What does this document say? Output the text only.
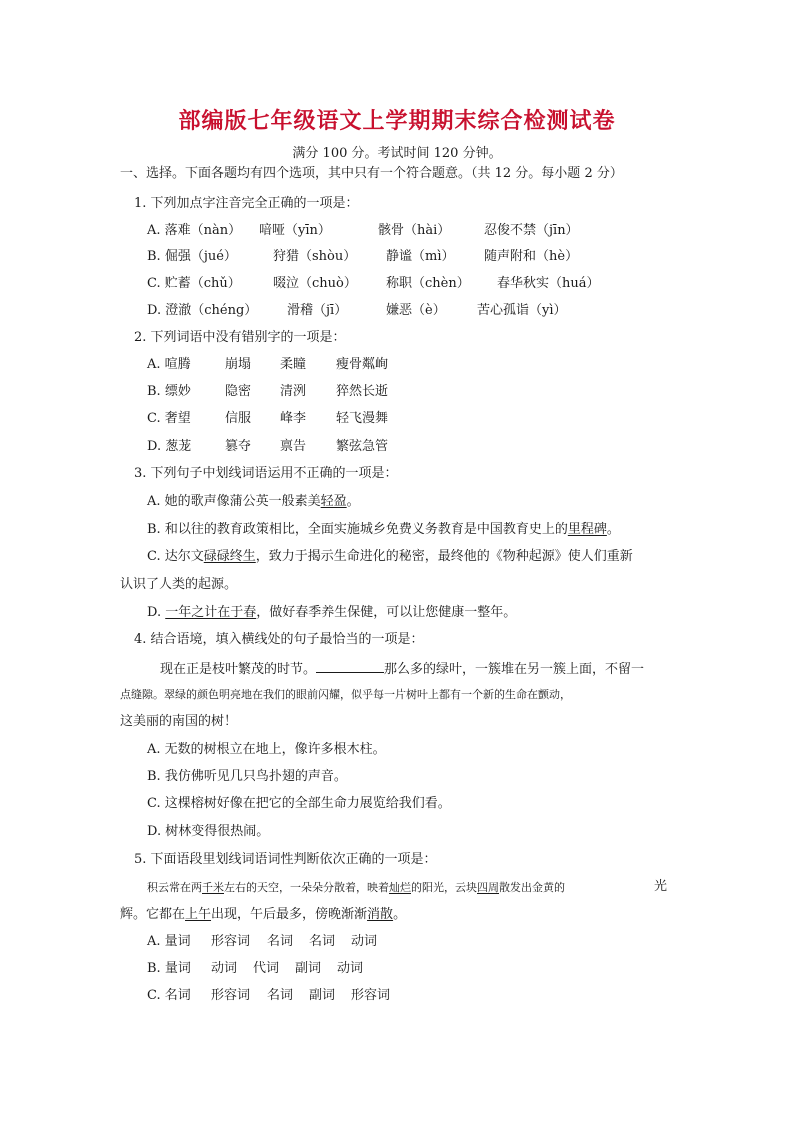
部编版七年级语文上学期期末综合检测试卷
满分 100 分。考试时间 120 分钟。
一、选择。下面各题均有四个选项，其中只有一个符合题意。（共 12 分。每小题 2 分）
1. 下列加点字注音完全正确的一项是：
A. 落难（nàn） 喑哑（yīn）	骸骨（hài）	忍俊不禁（jīn）
B. 倔强（jué）	狩猎（shòu） 静谧（mì） 随声附和（hè）
C. 贮蓄（chǔ） 啜泣（chuò） 称职（chèn） 春华秋实（huá）
D. 澄澈（chéng） 滑稽（jī）	嫌恶（è） 苦心孤诣（yì）
2. 下列词语中没有错别字的一项是：
A. 喧腾	崩塌 柔瞳 瘦骨粼峋
B. 缥妙	隐密 清洌 猝然长逝
C. 奢望	信服 峰李 轻飞漫舞
D. 葱茏	篡夺 禀告 繁弦急管
3. 下列句子中划线词语运用不正确的一项是：
A. 她的歌声像蒲公英一般素美轻盈。
B. 和以往的教育政策相比，全面实施城乡免费义务教育是中国教育史上的里程碑。
C. 达尔文碌碌终生，致力于揭示生命进化的秘密，最终他的《物种起源》使人们重新
认识了人类的起源。
D. 一年之计在于春，做好春季养生保健，可以让您健康一整年。
4. 结合语境，填入横线处的句子最恰当的一项是：
现在正是枝叶繁茂的时节。	那么多的绿叶，一簇堆在另一簇上面，不留一
点缝隙。翠绿的颜色明亮地在我们的眼前闪耀，似乎每一片树叶上都有一个新的生命在颤动，
这美丽的南国的树！
A. 无数的树根立在地上，像许多根木柱。
B. 我仿佛听见几只鸟扑翅的声音。
C. 这棵榕树好像在把它的全部生命力展览给我们看。
D. 树林变得很热闹。
5. 下面语段里划线词语词性判断依次正确的一项是：
积云常在两千米左右的天空，一朵朵分散着，映着灿烂的阳光，云块四周散发出金黄的	光
辉。它都在上午出现，午后最多，傍晚渐渐消散。
A. 量词 形容词 名词 名词 动词
B. 量词 动词 代词 副词 动词
C. 名词 形容词 名词 副词 形容词
